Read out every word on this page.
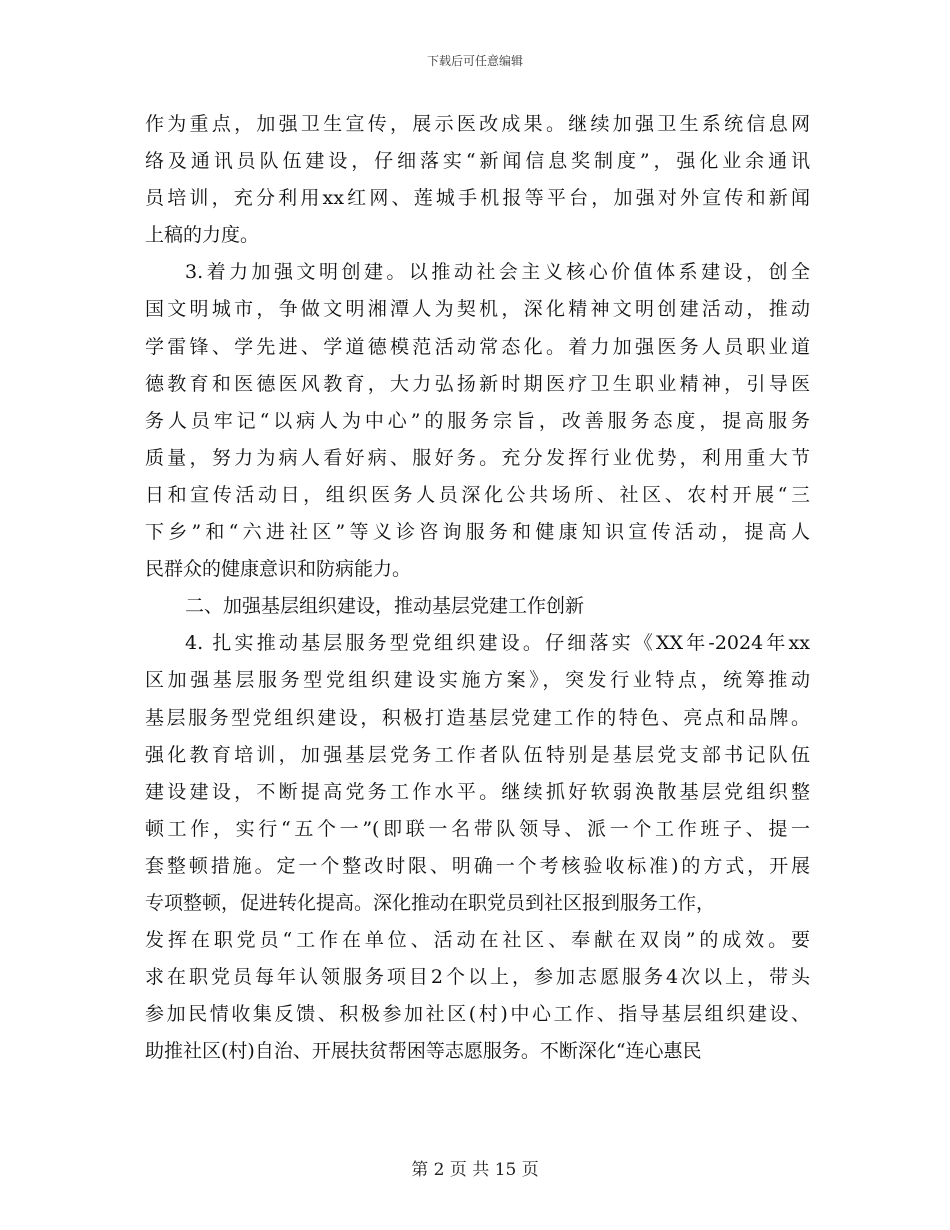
下载后可任意编辑
作为重点，加强卫生宣传，展示医改成果。继续加强卫生系统信息网
络及通讯员队伍建设，仔细落实“新闻信息奖制度”，强化业余通讯
员培训，充分利用xx红网、莲城手机报等平台，加强对外宣传和新闻
上稿的力度。
3.着力加强文明创建。以推动社会主义核心价值体系建设，创全
国文明城市，争做文明湘潭人为契机，深化精神文明创建活动，推动
学雷锋、学先进、学道德模范活动常态化。着力加强医务人员职业道
德教育和医德医风教育，大力弘扬新时期医疗卫生职业精神，引导医
务人员牢记“以病人为中心”的服务宗旨，改善服务态度，提高服务
质量，努力为病人看好病、服好务。充分发挥行业优势，利用重大节
日和宣传活动日，组织医务人员深化公共场所、社区、农村开展“三
下乡”和“六进社区”等义诊咨询服务和健康知识宣传活动，提高人
民群众的健康意识和防病能力。
二、加强基层组织建设，推动基层党建工作创新
4. 扎实推动基层服务型党组织建设。仔细落实《XX年-2024年xx
区加强基层服务型党组织建设实施方案》，突发行业特点，统筹推动
基层服务型党组织建设，积极打造基层党建工作的特色、亮点和品牌。
强化教育培训，加强基层党务工作者队伍特别是基层党支部书记队伍
建设建设，不断提高党务工作水平。继续抓好软弱涣散基层党组织整
顿工作，实行“五个一”(即联一名带队领导、派一个工作班子、提一
套整顿措施。定一个整改时限、明确一个考核验收标准)的方式，开展
专项整顿，促进转化提高。深化推动在职党员到社区报到服务工作，
发挥在职党员“工作在单位、活动在社区、奉献在双岗”的成效。要
求在职党员每年认领服务项目2个以上，参加志愿服务4次以上，带头
参加民情收集反馈、积极参加社区(村)中心工作、指导基层组织建设、
助推社区(村)自治、开展扶贫帮困等志愿服务。不断深化“连心惠民
第 2 页 共 15 页
